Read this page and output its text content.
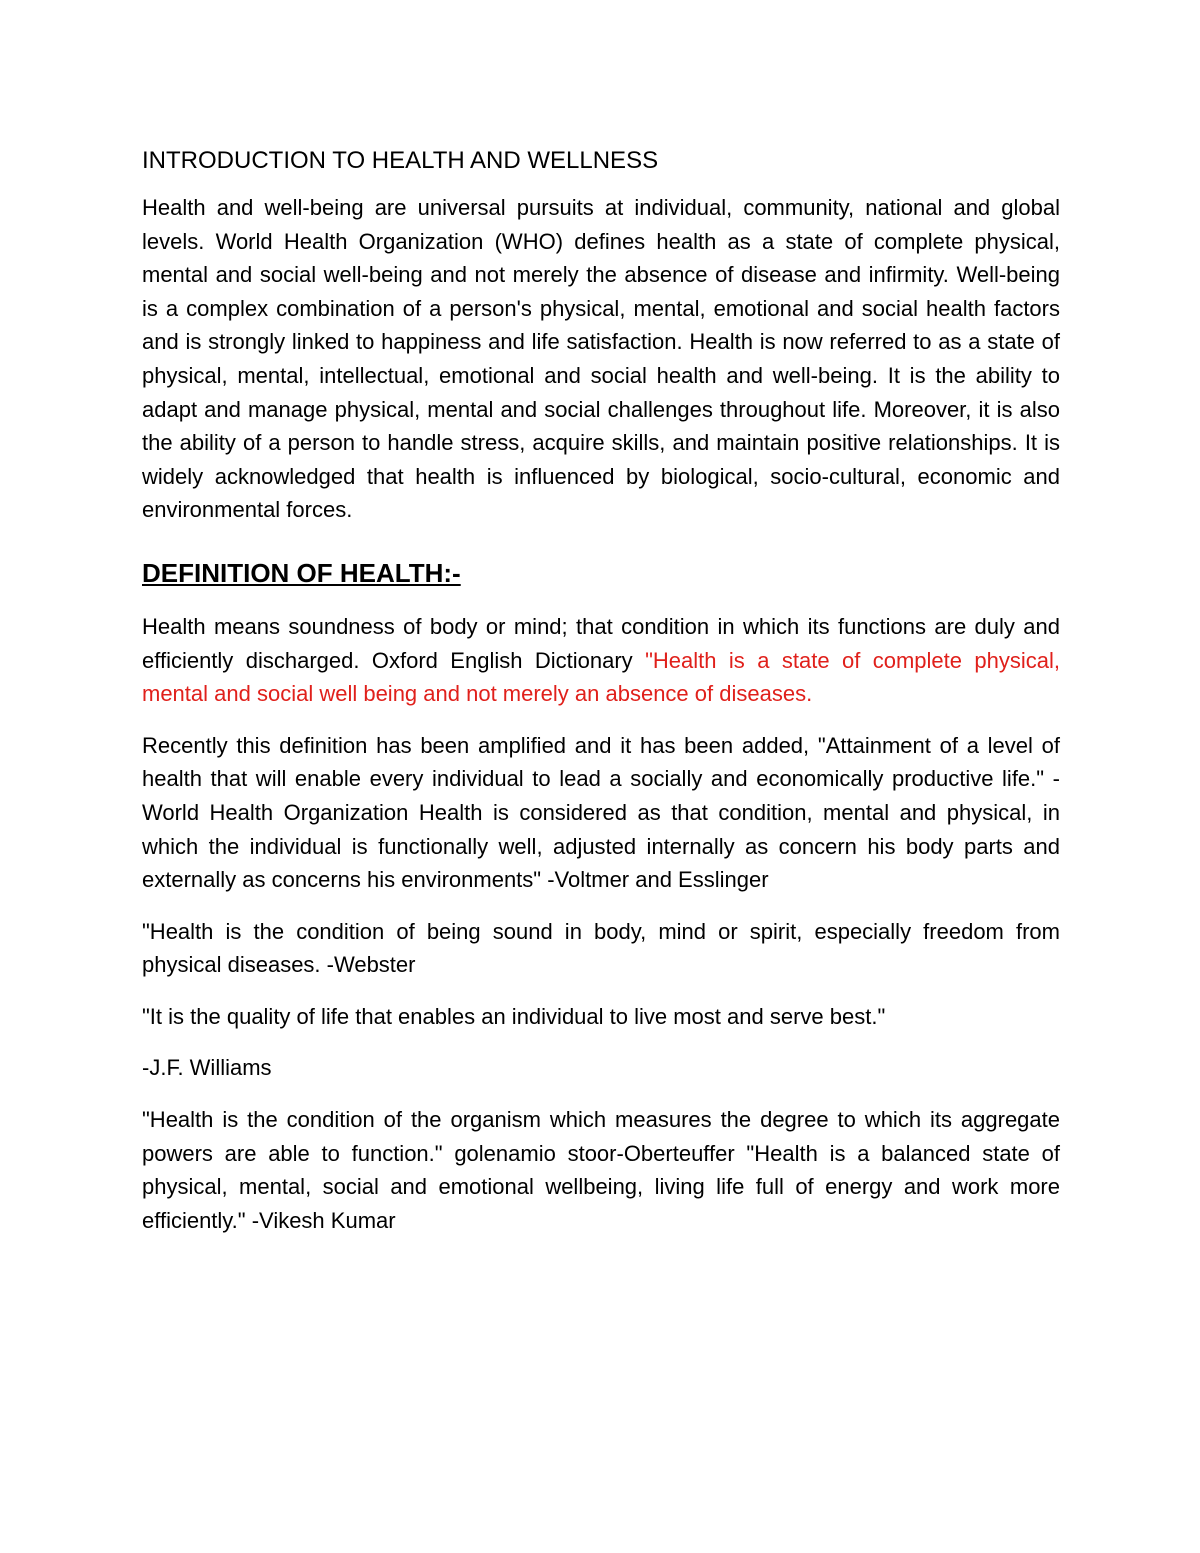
INTRODUCTION TO HEALTH AND WELLNESS

Health and well-being are universal pursuits at individual, community, national and global levels. World Health Organization (WHO) defines health as a state of complete physical, mental and social well-being and not merely the absence of disease and infirmity. Well-being is a complex combination of a person's physical, mental, emotional and social health factors and is strongly linked to happiness and life satisfaction. Health is now referred to as a state of physical, mental, intellectual, emotional and social health and well-being. It is the ability to adapt and manage physical, mental and social challenges throughout life. Moreover, it is also the ability of a person to handle stress, acquire skills, and maintain positive relationships. It is widely acknowledged that health is influenced by biological, socio-cultural, economic and environmental forces.

DEFINITION OF HEALTH:-

Health means soundness of body or mind; that condition in which its functions are duly and efficiently discharged. Oxford English Dictionary "Health is a state of complete physical, mental and social well being and not merely an absence of diseases.

Recently this definition has been amplified and it has been added, "Attainment of a level of health that will enable every individual to lead a socially and economically productive life." -World Health Organization Health is considered as that condition, mental and physical, in which the individual is functionally well, adjusted internally as concern his body parts and externally as concerns his environments" -Voltmer and Esslinger

"Health is the condition of being sound in body, mind or spirit, especially freedom from physical diseases. -Webster

"It is the quality of life that enables an individual to live most and serve best."

-J.F. Williams

"Health is the condition of the organism which measures the degree to which its aggregate powers are able to function." golenamio stoor-Oberteuffer "Health is a balanced state of physical, mental, social and emotional wellbeing, living life full of energy and work more efficiently." -Vikesh Kumar
